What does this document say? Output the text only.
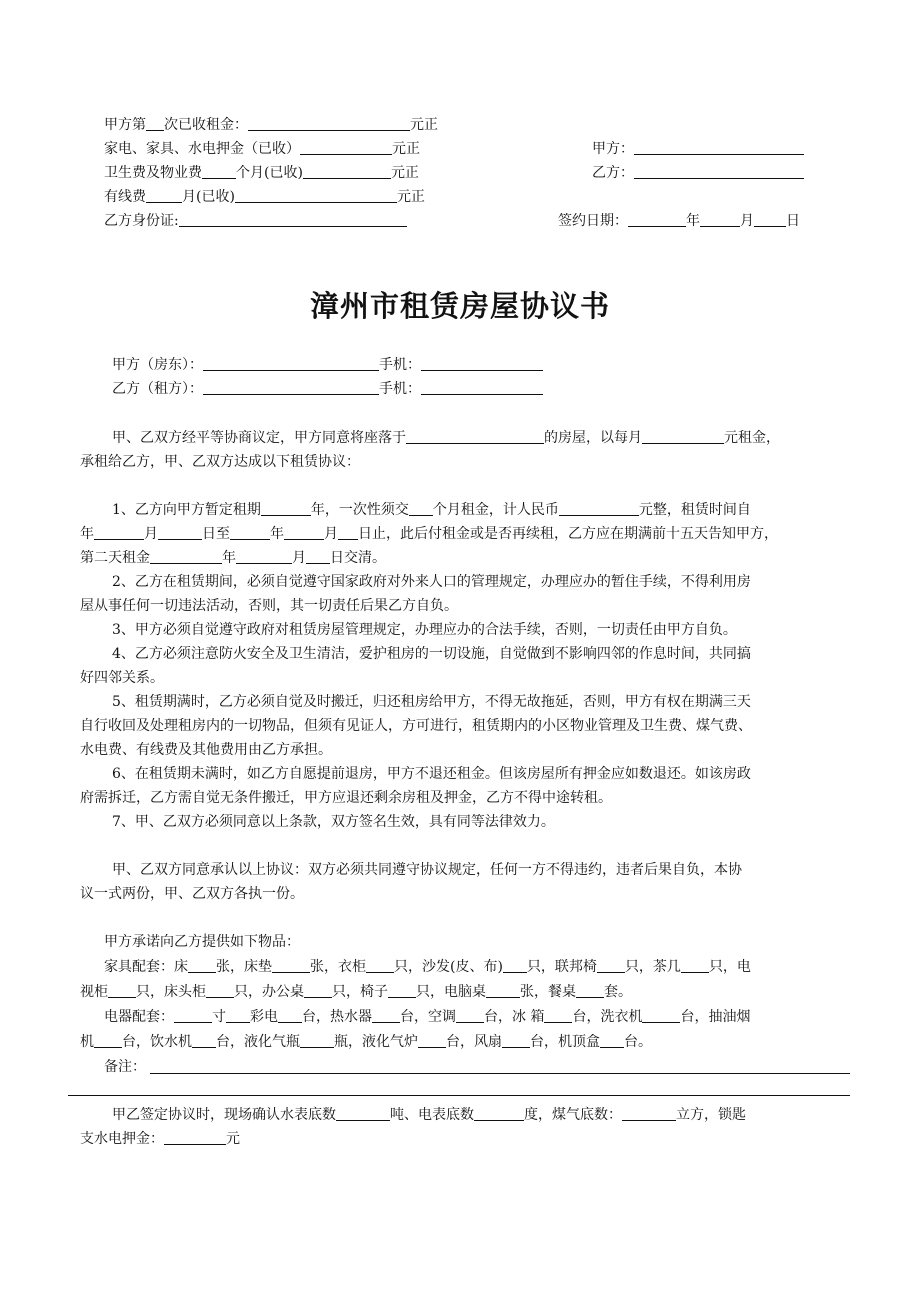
甲方第 次已收租金：	元正
家电、家具、水电押金（已收）	元正
卫生费及物业费 个月(已收)	元正
有线费	月(已收)	元正
乙方身份证:
甲方：
乙方：
签约日期：	年	月 日
漳州市租赁房屋协议书
甲方（房东）：	手机：
乙方（租方）：	手机：
甲、乙双方经平等协商议定，甲方同意将座落于	的房屋，以每月	元租金，
承租给乙方，甲、乙双方达成以下租赁协议：
1、乙方向甲方暂定租期	年，一次性须交 个月租金，计人民币	元整，租赁时间自
年	月	日至	年	月 日止，此后付租金或是否再续租，乙方应在期满前十五天告知甲方，
第二天租金	年	月 日交清。
2、乙方在租赁期间，必须自觉遵守国家政府对外来人口的管理规定，办理应办的暂住手续，不得利用房
屋从事任何一切违法活动，否则，其一切责任后果乙方自负。
3、甲方必须自觉遵守政府对租赁房屋管理规定，办理应办的合法手续，否则，一切责任由甲方自负。
4、乙方必须注意防火安全及卫生清洁，爱护租房的一切设施，自觉做到不影响四邻的作息时间，共同搞
好四邻关系。
5、租赁期满时，乙方必须自觉及时搬迁，归还租房给甲方，不得无故拖延，否则，甲方有权在期满三天
自行收回及处理租房内的一切物品，但须有见证人，方可进行，租赁期内的小区物业管理及卫生费、煤气费、
水电费、有线费及其他费用由乙方承担。
6、在租赁期未满时，如乙方自愿提前退房，甲方不退还租金。但该房屋所有押金应如数退还。如该房政
府需拆迁，乙方需自觉无条件搬迁，甲方应退还剩余房租及押金，乙方不得中途转租。
7、甲、乙双方必须同意以上条款，双方签名生效，具有同等法律效力。
甲、乙双方同意承认以上协议：双方必须共同遵守协议规定，任何一方不得违约，违者后果自负，本协
议一式两份，甲、乙双方各执一份。
甲方承诺向乙方提供如下物品：
家具配套：床 张，床垫	张，衣柜 只，沙发(皮、布) 只，联邦椅 只，茶几 只，电
视柜 只，床头柜 只，办公桌 只，椅子 只，电脑桌 张，餐桌 套。
电器配套：	寸 彩电 台，热水器 台，空调 台，冰 箱 台，洗衣机	台，抽油烟
机 台，饮水机 台，液化气瓶 瓶，液化气炉 台，风扇 台，机顶盒 台。
备注：
甲乙签定协议时，现场确认水表底数	吨、电表底数	度，煤气底数：	立方，锁匙
支水电押金：	元
